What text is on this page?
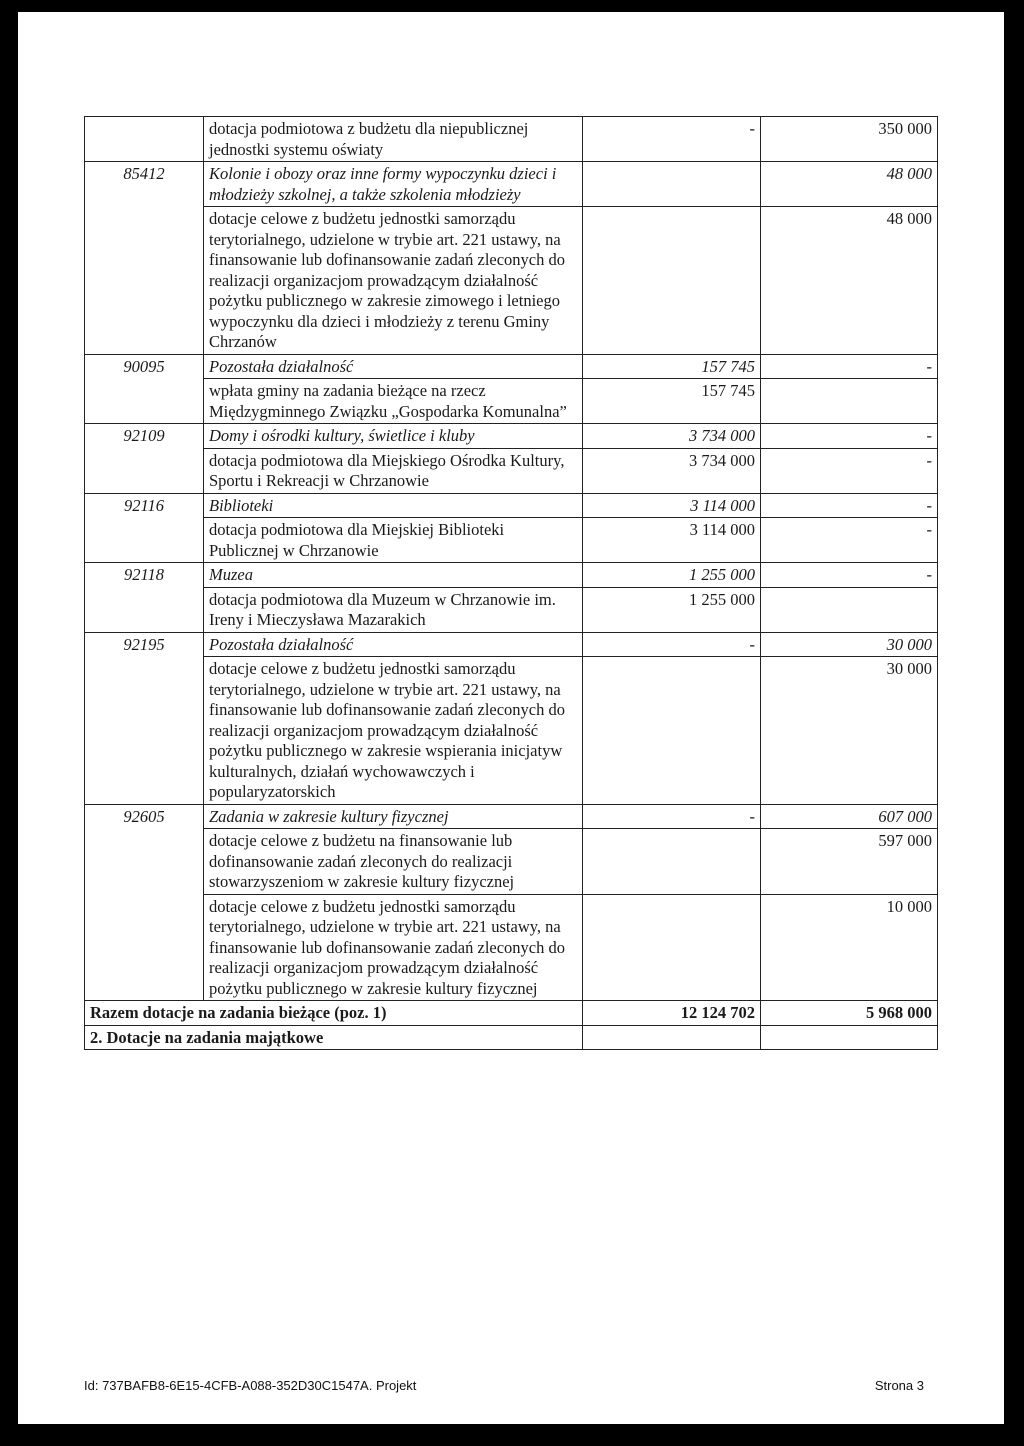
	dotacja podmiotowa z budżetu dla niepublicznej jednostki systemu oświaty	-	350 000
85412	Kolonie i obozy oraz inne formy wypoczynku dzieci i młodzieży szkolnej, a także szkolenia młodzieży		48 000
	dotacje celowe z budżetu jednostki samorządu terytorialnego, udzielone w trybie art. 221 ustawy, na finansowanie lub dofinansowanie zadań zleconych do realizacji organizacjom prowadzącym działalność pożytku publicznego w zakresie zimowego i letniego wypoczynku dla dzieci i młodzieży z terenu Gminy Chrzanów		48 000
90095	Pozostała działalność	157 745	-
	wpłata gminy na zadania bieżące na rzecz Międzygminnego Związku „Gospodarka Komunalna”	157 745	
92109	Domy i ośrodki kultury, świetlice i kluby	3 734 000	-
	dotacja podmiotowa dla Miejskiego Ośrodka Kultury, Sportu i Rekreacji w Chrzanowie	3 734 000	-
92116	Biblioteki	3 114 000	-
	dotacja podmiotowa dla Miejskiej Biblioteki Publicznej w Chrzanowie	3 114 000	-
92118	Muzea	1 255 000	-
	dotacja podmiotowa dla Muzeum w Chrzanowie im. Ireny i Mieczysława Mazarakich	1 255 000	
92195	Pozostała działalność	-	30 000
	dotacje celowe z budżetu jednostki samorządu terytorialnego, udzielone w trybie art. 221 ustawy, na finansowanie lub dofinansowanie zadań zleconych do realizacji organizacjom prowadzącym działalność pożytku publicznego w zakresie wspierania inicjatyw kulturalnych, działań wychowawczych i popularyzatorskich		30 000
92605	Zadania w zakresie kultury fizycznej	-	607 000
	dotacje celowe z budżetu na finansowanie lub dofinansowanie zadań zleconych do realizacji stowarzyszeniom w zakresie kultury fizycznej		597 000
	dotacje celowe z budżetu jednostki samorządu terytorialnego, udzielone w trybie art. 221 ustawy, na finansowanie lub dofinansowanie zadań zleconych do realizacji organizacjom prowadzącym działalność pożytku publicznego w zakresie kultury fizycznej		10 000
Razem dotacje na zadania bieżące (poz. 1)		12 124 702	5 968 000
2. Dotacje na zadania majątkowe			
Id: 737BAFB8-6E15-4CFB-A088-352D30C1547A. Projekt	Strona 3
